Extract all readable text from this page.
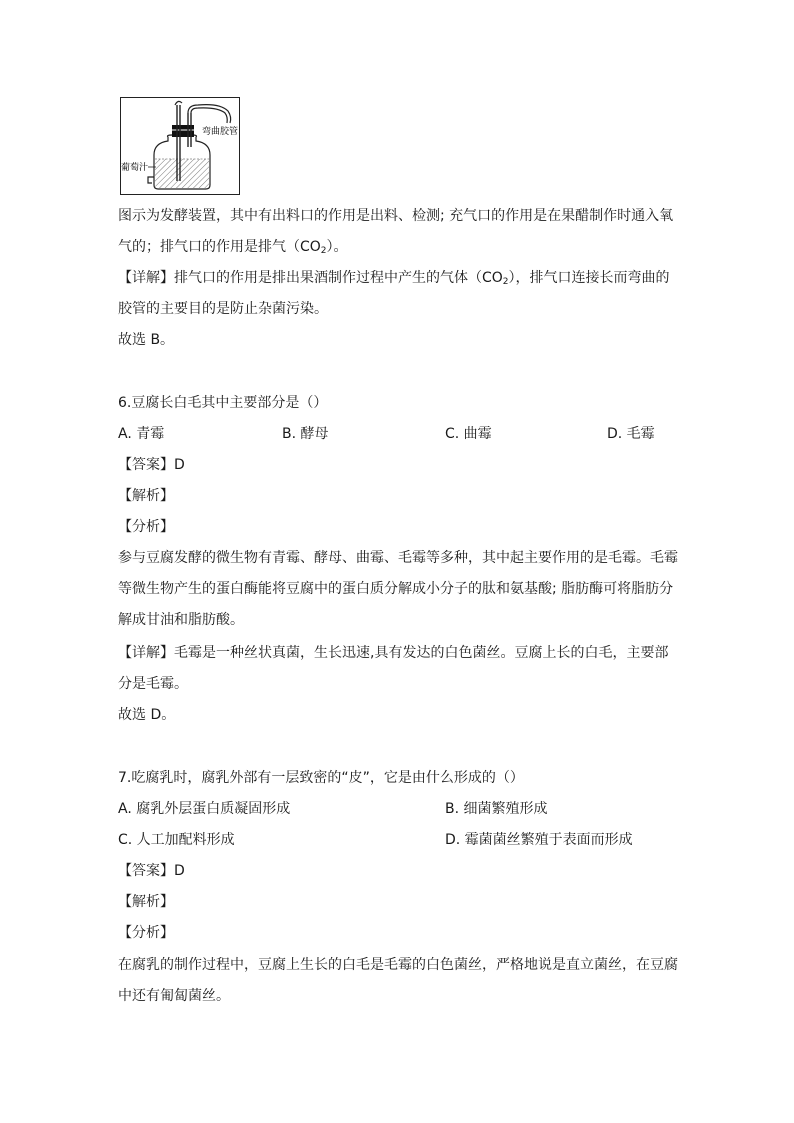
弯曲胶管
葡萄汁
图示为发酵装置，其中有出料口的作用是出料、检测; 充气口的作用是在果醋制作时通入氧
气的；排气口的作用是排气$(CO_2)$。
【详解】排气口的作用是排出果酒制作过程中产生的气体$(CO_2)$，排气口连接长而弯曲的
胶管的主要目的是防止杂菌污染。
故选 B。
6.豆腐长白毛其中主要部分是（）
A. 青霉	B. 酵母	C. 曲霉	D. 毛霉
【答案】D
【解析】
【分析】
参与豆腐发酵的微生物有青霉、酵母、曲霉、毛霉等多种，其中起主要作用的是毛霉。毛霉
等微生物产生的蛋白酶能将豆腐中的蛋白质分解成小分子的肽和氨基酸; 脂肪酶可将脂肪分
解成甘油和脂肪酸。
【详解】毛霉是一种丝状真菌，生长迅速,具有发达的白色菌丝。豆腐上长的白毛，主要部
分是毛霉。
故选 D。
7.吃腐乳时，腐乳外部有一层致密的“皮”，它是由什么形成的（）
A. 腐乳外层蛋白质凝固形成	B. 细菌繁殖形成
C. 人工加配料形成	D. 霉菌菌丝繁殖于表面而形成
【答案】D
【解析】
【分析】
在腐乳的制作过程中，豆腐上生长的白毛是毛霉的白色菌丝，严格地说是直立菌丝，在豆腐
中还有匍匐菌丝。
